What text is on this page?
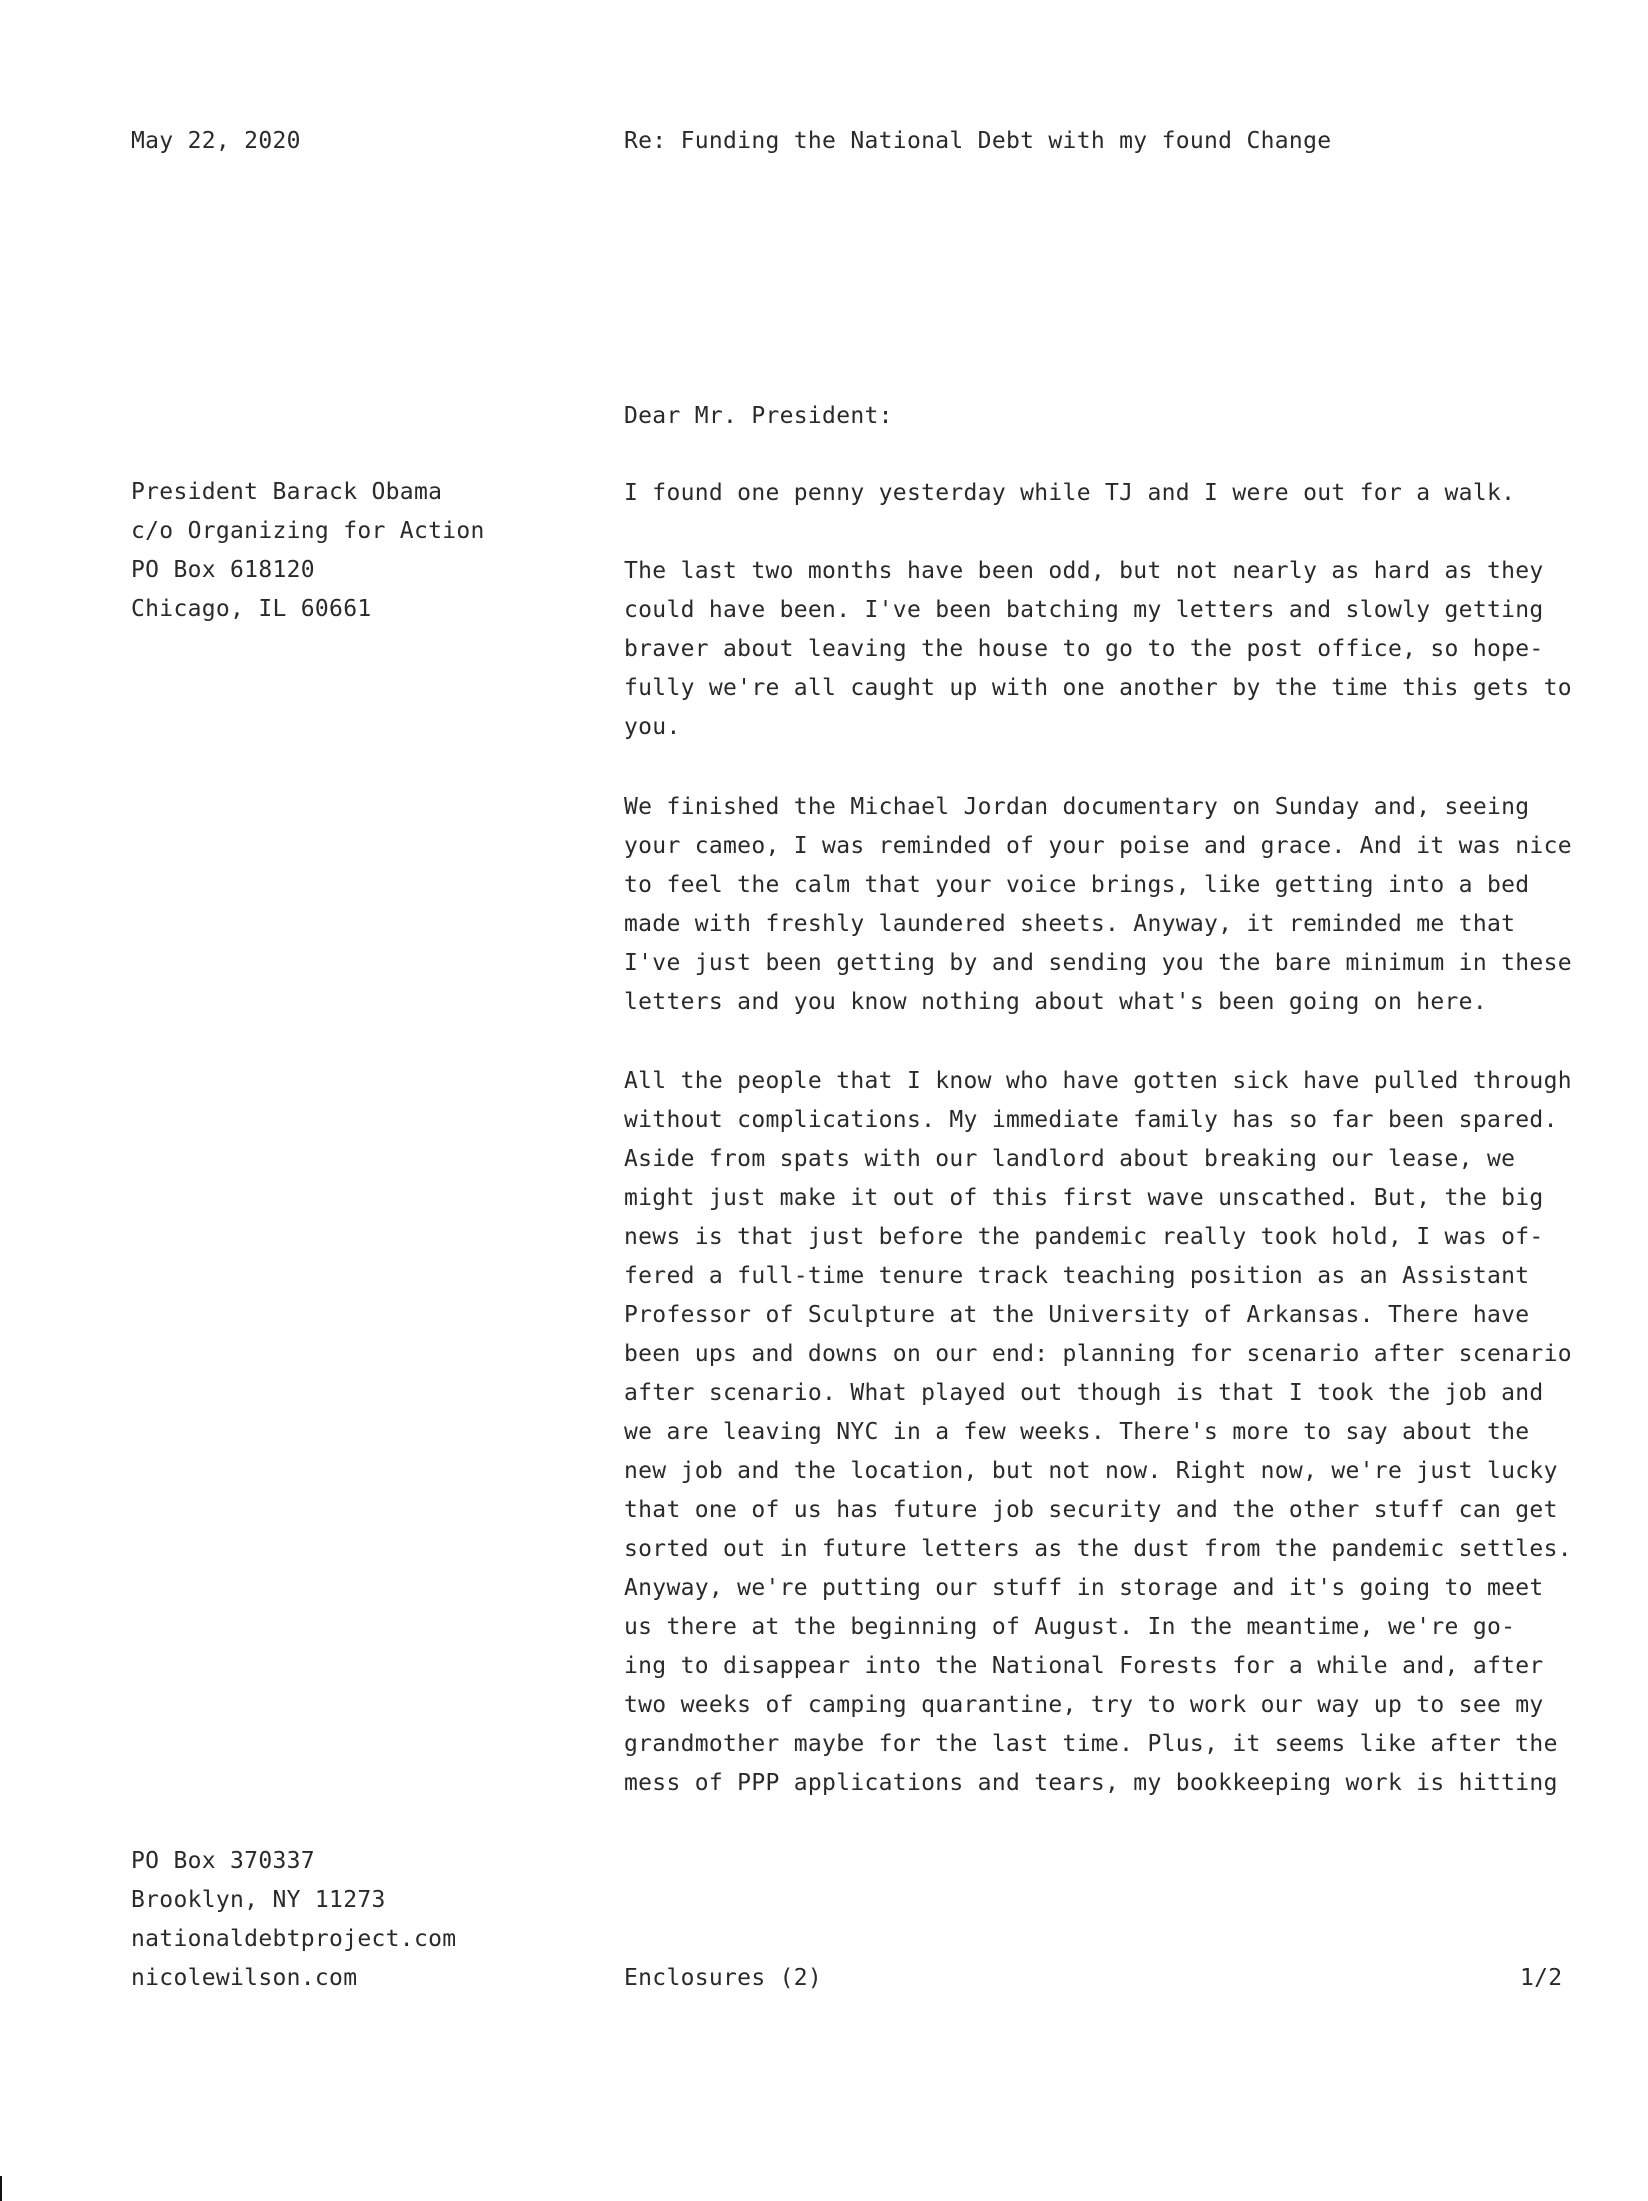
May 22, 2020	Re: Funding the National Debt with my found Change
Dear Mr. President:
President Barack Obama
c/o Organizing for Action
PO Box 618120
Chicago, IL 60661
I found one penny yesterday while TJ and I were out for a walk.
The last two months have been odd, but not nearly as hard as they
could have been. I've been batching my letters and slowly getting
braver about leaving the house to go to the post office, so hope-
fully we're all caught up with one another by the time this gets to
you.
We finished the Michael Jordan documentary on Sunday and, seeing
your cameo, I was reminded of your poise and grace. And it was nice
to feel the calm that your voice brings, like getting into a bed
made with freshly laundered sheets. Anyway, it reminded me that
I've just been getting by and sending you the bare minimum in these
letters and you know nothing about what's been going on here.
All the people that I know who have gotten sick have pulled through
without complications. My immediate family has so far been spared.
Aside from spats with our landlord about breaking our lease, we
might just make it out of this first wave unscathed. But, the big
news is that just before the pandemic really took hold, I was of-
fered a full-time tenure track teaching position as an Assistant
Professor of Sculpture at the University of Arkansas. There have
been ups and downs on our end: planning for scenario after scenario
after scenario. What played out though is that I took the job and
we are leaving NYC in a few weeks. There's more to say about the
new job and the location, but not now. Right now, we're just lucky
that one of us has future job security and the other stuff can get
sorted out in future letters as the dust from the pandemic settles.
Anyway, we're putting our stuff in storage and it's going to meet
us there at the beginning of August. In the meantime, we're go-
ing to disappear into the National Forests for a while and, after
two weeks of camping quarantine, try to work our way up to see my
grandmother maybe for the last time. Plus, it seems like after the
mess of PPP applications and tears, my bookkeeping work is hitting
PO Box 370337
Brooklyn, NY 11273
nationaldebtproject.com
nicolewilson.com	Enclosures (2)	1/2
